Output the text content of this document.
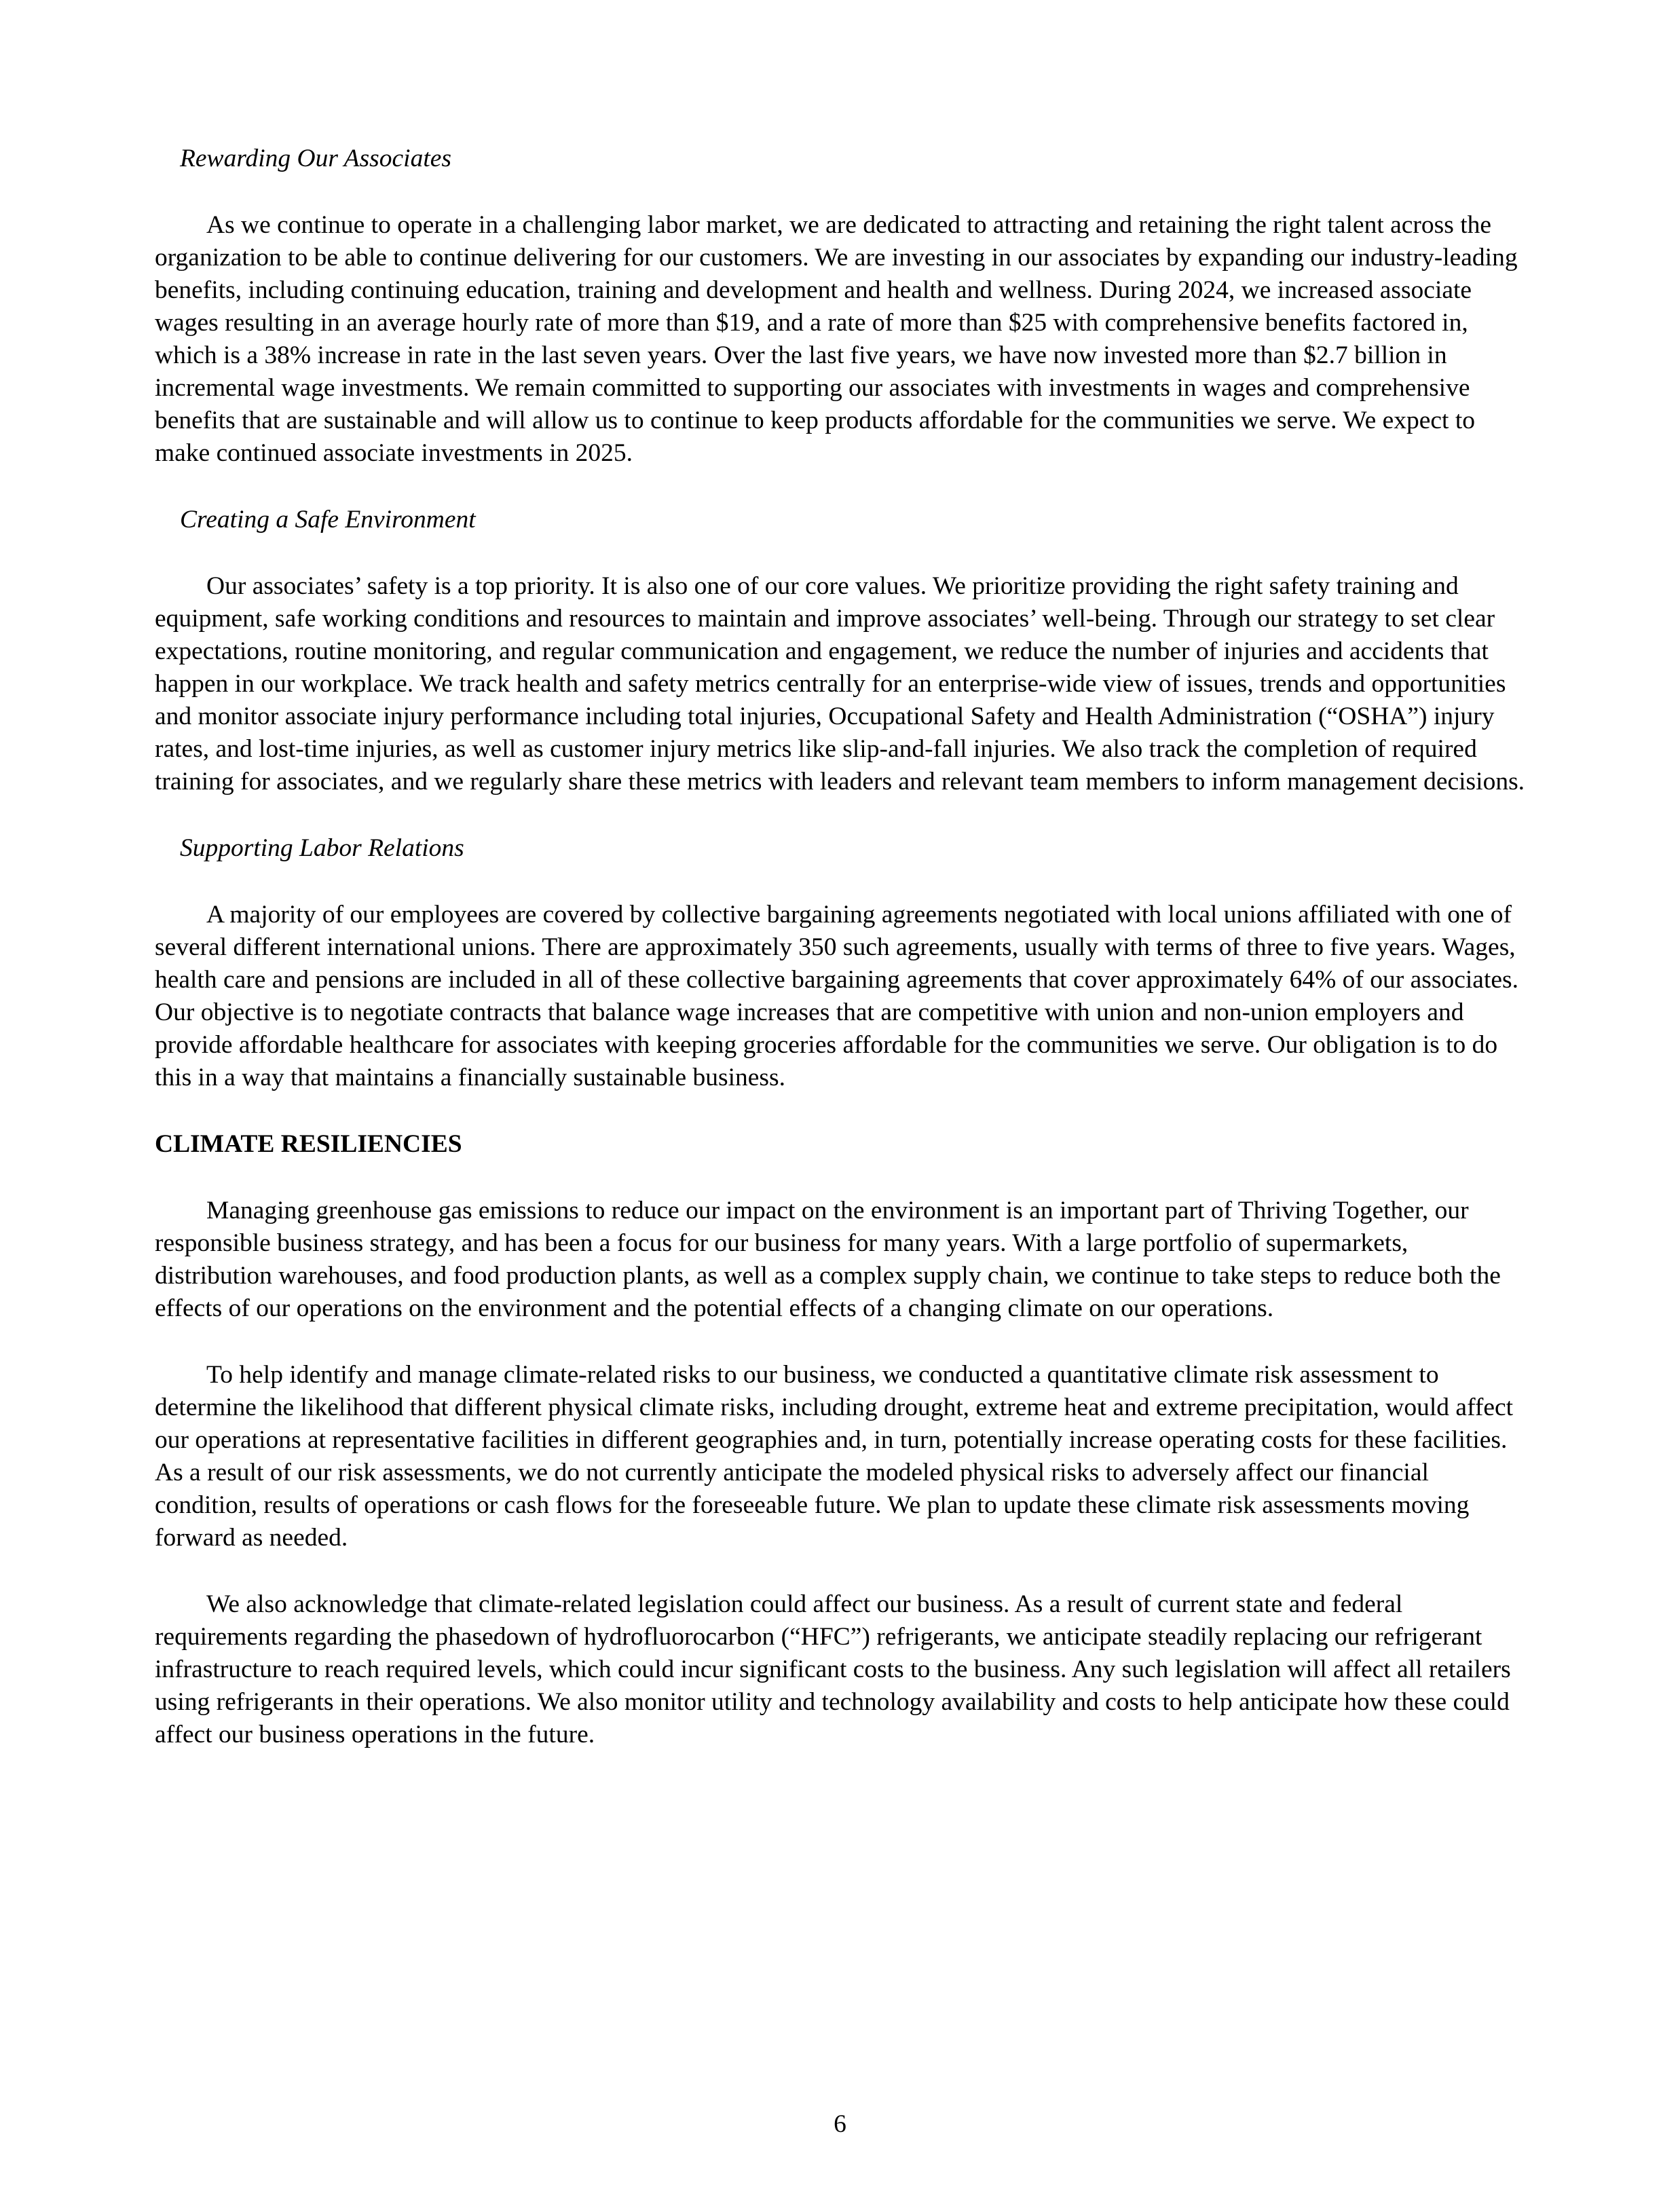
Rewarding Our Associates

As we continue to operate in a challenging labor market, we are dedicated to attracting and retaining the right talent across the organization to be able to continue delivering for our customers. We are investing in our associates by expanding our industry-leading benefits, including continuing education, training and development and health and wellness. During 2024, we increased associate wages resulting in an average hourly rate of more than $19, and a rate of more than $25 with comprehensive benefits factored in, which is a 38% increase in rate in the last seven years. Over the last five years, we have now invested more than $2.7 billion in incremental wage investments. We remain committed to supporting our associates with investments in wages and comprehensive benefits that are sustainable and will allow us to continue to keep products affordable for the communities we serve. We expect to make continued associate investments in 2025.

Creating a Safe Environment

Our associates’ safety is a top priority. It is also one of our core values. We prioritize providing the right safety training and equipment, safe working conditions and resources to maintain and improve associates’ well-being. Through our strategy to set clear expectations, routine monitoring, and regular communication and engagement, we reduce the number of injuries and accidents that happen in our workplace. We track health and safety metrics centrally for an enterprise-wide view of issues, trends and opportunities and monitor associate injury performance including total injuries, Occupational Safety and Health Administration (“OSHA”) injury rates, and lost-time injuries, as well as customer injury metrics like slip-and-fall injuries. We also track the completion of required training for associates, and we regularly share these metrics with leaders and relevant team members to inform management decisions.

Supporting Labor Relations

A majority of our employees are covered by collective bargaining agreements negotiated with local unions affiliated with one of several different international unions. There are approximately 350 such agreements, usually with terms of three to five years. Wages, health care and pensions are included in all of these collective bargaining agreements that cover approximately 64% of our associates. Our objective is to negotiate contracts that balance wage increases that are competitive with union and non-union employers and provide affordable healthcare for associates with keeping groceries affordable for the communities we serve. Our obligation is to do this in a way that maintains a financially sustainable business.

CLIMATE RESILIENCIES

Managing greenhouse gas emissions to reduce our impact on the environment is an important part of Thriving Together, our responsible business strategy, and has been a focus for our business for many years. With a large portfolio of supermarkets, distribution warehouses, and food production plants, as well as a complex supply chain, we continue to take steps to reduce both the effects of our operations on the environment and the potential effects of a changing climate on our operations.

To help identify and manage climate-related risks to our business, we conducted a quantitative climate risk assessment to determine the likelihood that different physical climate risks, including drought, extreme heat and extreme precipitation, would affect our operations at representative facilities in different geographies and, in turn, potentially increase operating costs for these facilities. As a result of our risk assessments, we do not currently anticipate the modeled physical risks to adversely affect our financial condition, results of operations or cash flows for the foreseeable future. We plan to update these climate risk assessments moving forward as needed.

We also acknowledge that climate-related legislation could affect our business. As a result of current state and federal requirements regarding the phasedown of hydrofluorocarbon (“HFC”) refrigerants, we anticipate steadily replacing our refrigerant infrastructure to reach required levels, which could incur significant costs to the business. Any such legislation will affect all retailers using refrigerants in their operations. We also monitor utility and technology availability and costs to help anticipate how these could affect our business operations in the future.

6
